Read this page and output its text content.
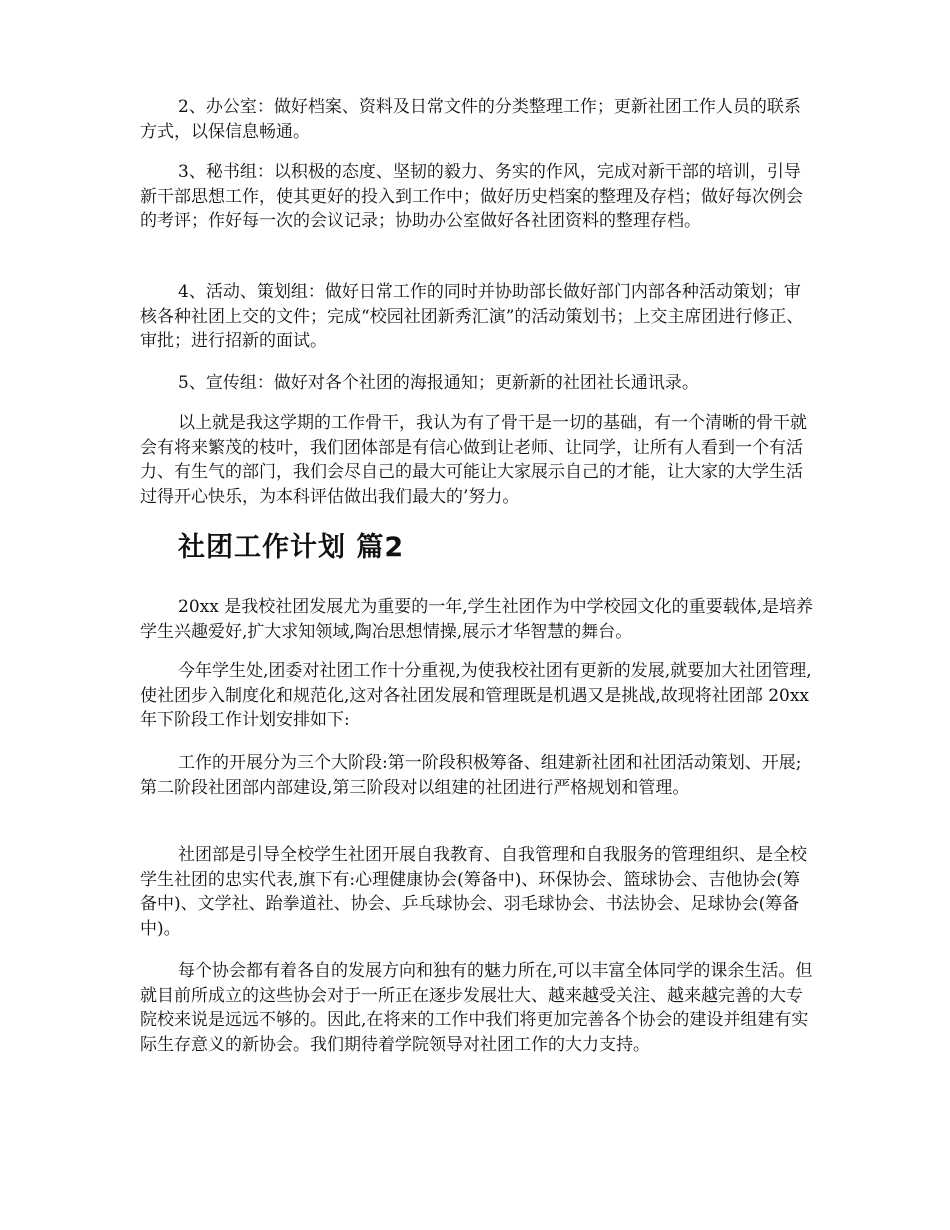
2、办公室：做好档案、资料及日常文件的分类整理工作；更新社团工作人员的联系方式，以保信息畅通。

3、秘书组：以积极的态度、坚韧的毅力、务实的作风，完成对新干部的培训，引导新干部思想工作，使其更好的投入到工作中；做好历史档案的整理及存档；做好每次例会的考评；作好每一次的会议记录；协助办公室做好各社团资料的整理存档。

4、活动、策划组：做好日常工作的同时并协助部长做好部门内部各种活动策划；审核各种社团上交的文件；完成“校园社团新秀汇演”的活动策划书；上交主席团进行修正、审批；进行招新的面试。

5、宣传组：做好对各个社团的海报通知；更新新的社团社长通讯录。

以上就是我这学期的工作骨干，我认为有了骨干是一切的基础，有一个清晰的骨干就会有将来繁茂的枝叶，我们团体部是有信心做到让老师、让同学，让所有人看到一个有活力、有生气的部门，我们会尽自己的最大可能让大家展示自己的才能，让大家的大学生活过得开心快乐，为本科评估做出我们最大的’努力。

社团工作计划 篇2

20xx 是我校社团发展尤为重要的一年,学生社团作为中学校园文化的重要载体,是培养学生兴趣爱好,扩大求知领域,陶冶思想情操,展示才华智慧的舞台。

今年学生处,团委对社团工作十分重视,为使我校社团有更新的发展,就要加大社团管理,使社团步入制度化和规范化,这对各社团发展和管理既是机遇又是挑战,故现将社团部 20xx 年下阶段工作计划安排如下:

工作的开展分为三个大阶段:第一阶段积极筹备、组建新社团和社团活动策划、开展;第二阶段社团部内部建设,第三阶段对以组建的社团进行严格规划和管理。

社团部是引导全校学生社团开展自我教育、自我管理和自我服务的管理组织、是全校学生社团的忠实代表,旗下有:心理健康协会(筹备中)、环保协会、篮球协会、吉他协会(筹备中)、文学社、跆拳道社、协会、乒乓球协会、羽毛球协会、书法协会、足球协会(筹备中)。

每个协会都有着各自的发展方向和独有的魅力所在,可以丰富全体同学的课余生活。但就目前所成立的这些协会对于一所正在逐步发展壮大、越来越受关注、越来越完善的大专院校来说是远远不够的。因此,在将来的工作中我们将更加完善各个协会的建设并组建有实际生存意义的新协会。我们期待着学院领导对社团工作的大力支持。
